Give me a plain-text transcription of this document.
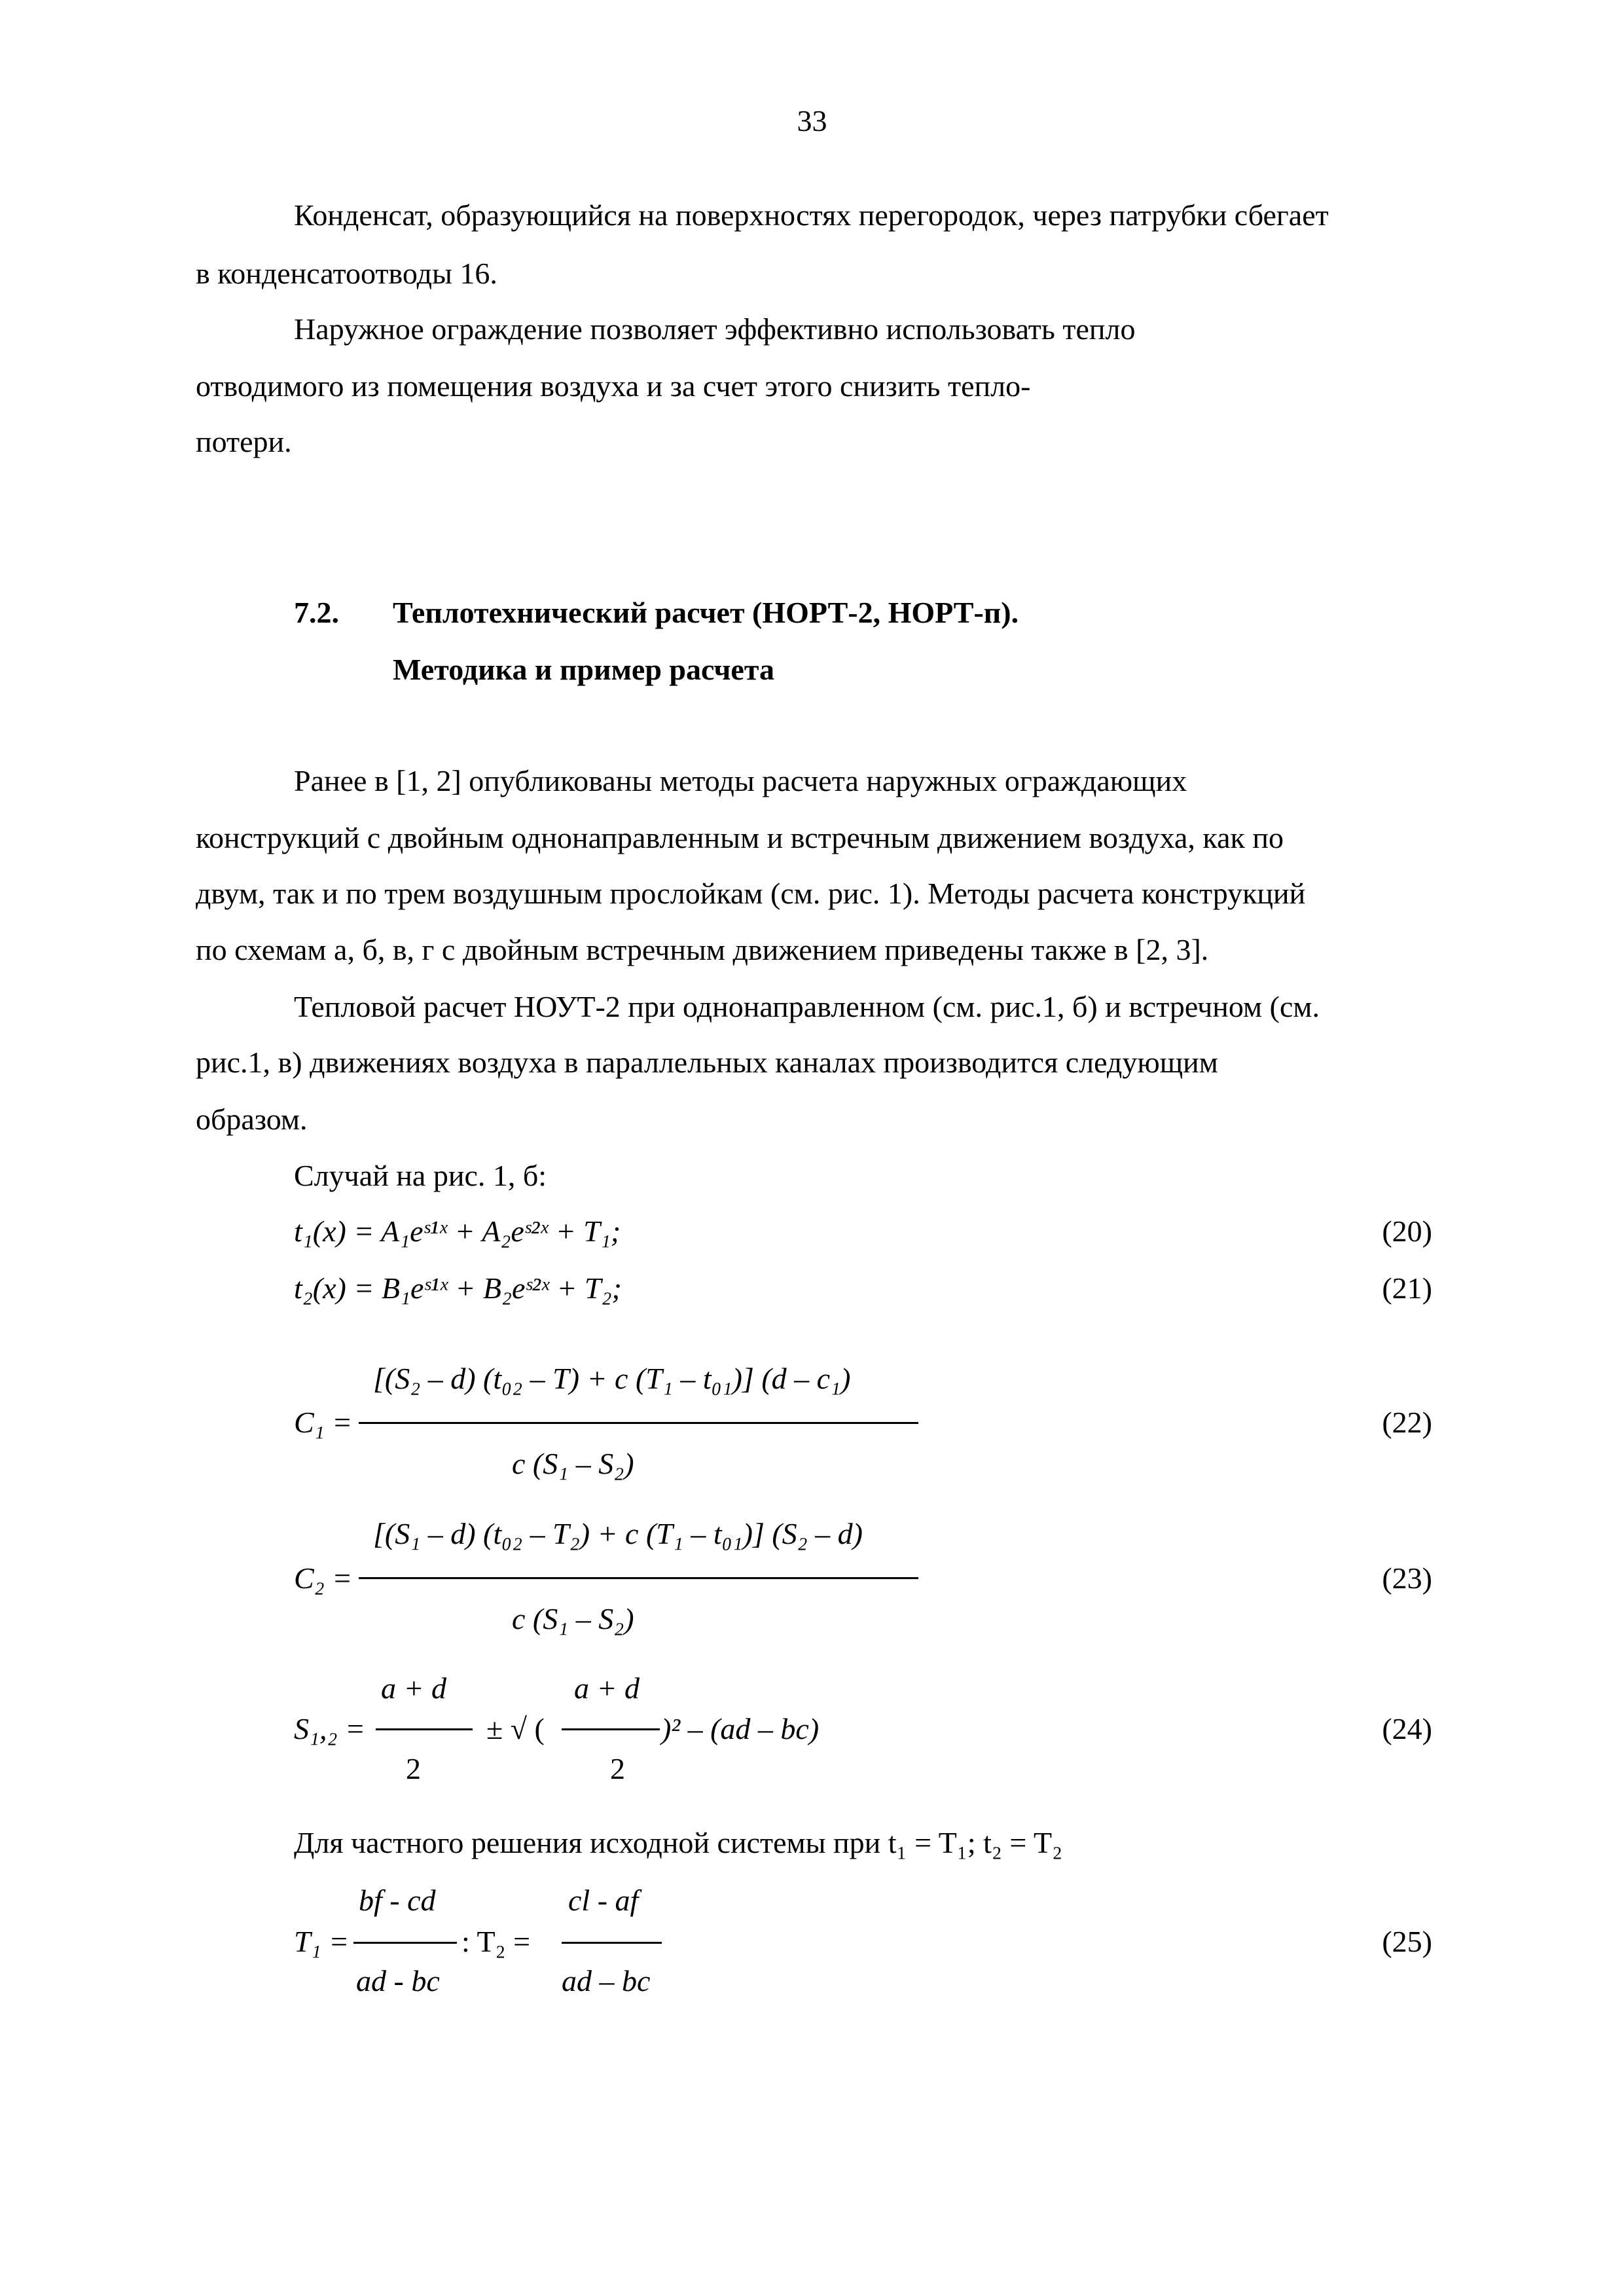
33
Конденсат, образующийся на поверхностях перегородок, через патрубки сбегает
в конденсатоотводы 16.
Наружное ограждение позволяет эффективно использовать тепло
отводимого из помещения воздуха и за счет этого снизить тепло-
потери.
7.2. Теплотехнический расчет (НОРТ-2, НОРТ-п).
Методика и пример расчета
Ранее в [1, 2] опубликованы методы расчета наружных ограждающих
конструкций с двойным однонаправленным и встречным движением воздуха, как по
двум, так и по трем воздушным прослойкам (см. рис. 1). Методы расчета конструкций
по схемам а, б, в, г с двойным встречным движением приведены также в [2, 3].
Тепловой расчет НОУТ-2 при однонаправленном (см. рис.1, б) и встречном (см.
рис.1, в) движениях воздуха в параллельных каналах производится следующим
образом.
Случай на рис. 1, б:
t₁(x) = A₁eˢ¹ˣ + A₂eˢ²ˣ + T₁;	(20)
t₂(x) = B₁eˢ¹ˣ + B₂eˢ²ˣ + T₂;	(21)
[(S₂ – d) (t₀₂ – T) + c (T₁ – t₀₁)] (d – c₁)
C₁ =
c (S₁ – S₂)
(22)
[(S₁ – d) (t₀₂ – T₂) + c (T₁ – t₀₁)] (S₂ – d)
C₂ =
c (S₁ – S₂)
(23)
a + d
S₁,₂ =
2
± √ (
a + d
2
)² – (ad – bc)	(24)
Для частного решения исходной системы при t₁ = T₁; t₂ = T₂
bf - cd
T₁ =
ad - bc
: T₂ =
cl - af
ad – bc
(25)
